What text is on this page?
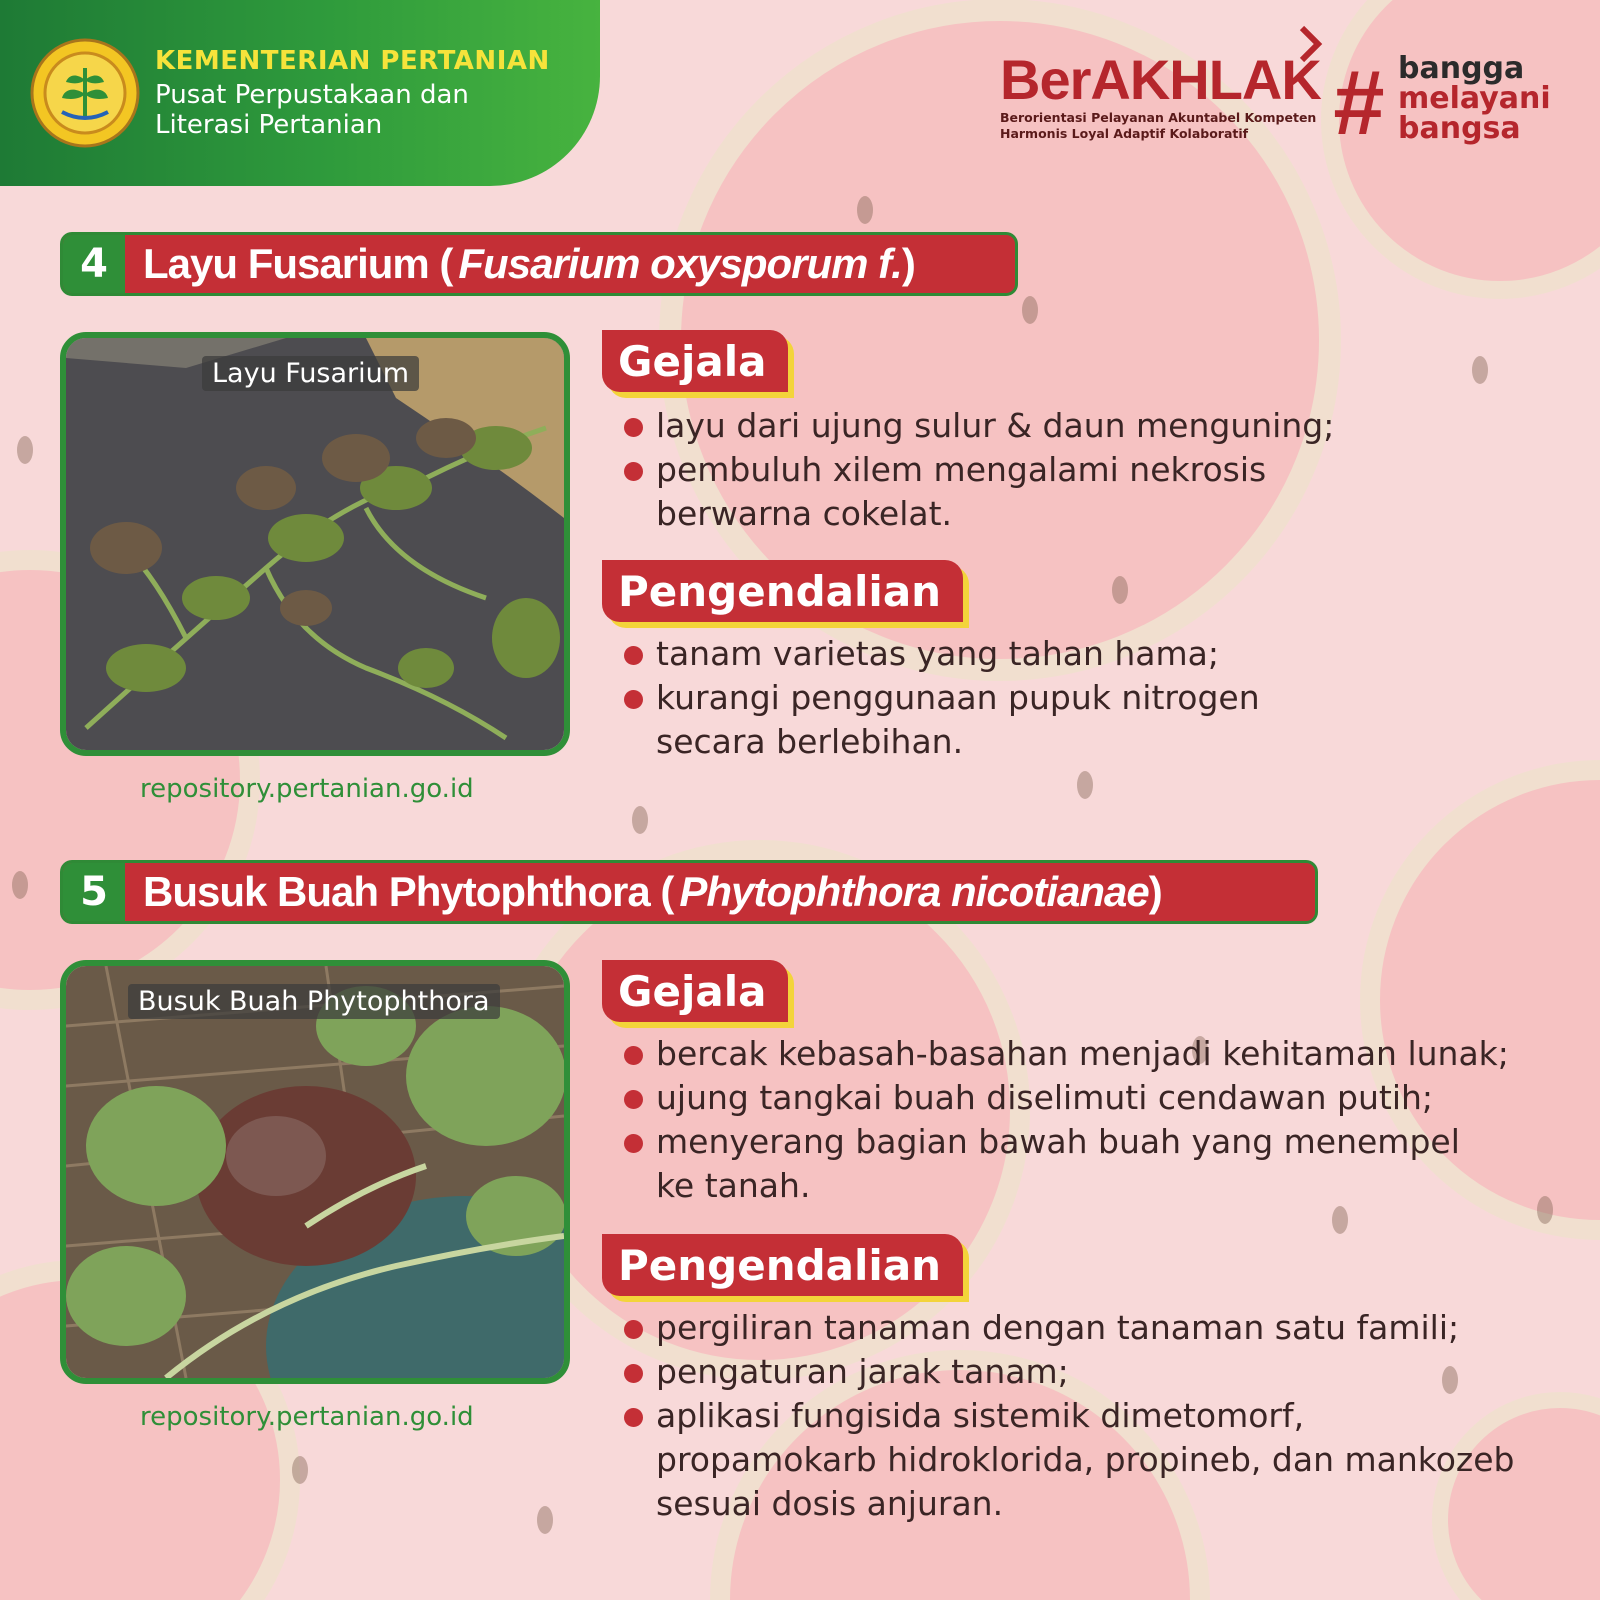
KEMENTERIAN PERTANIAN
Pusat Perpustakaan dan
Literasi Pertanian
BerAKHLAK
Berorientasi Pelayanan Akuntabel Kompeten
Harmonis Loyal Adaptif Kolaboratif # bangga
melayani
bangsa
4 Layu Fusarium ( Fusarium oxysporum f. )
Layu Fusarium
repository.pertanian.go.id
Gejala
layu dari ujung sulur & daun menguning;
pembuluh xilem mengalami nekrosis
berwarna cokelat.
Pengendalian
tanam varietas yang tahan hama;
kurangi penggunaan pupuk nitrogen
secara berlebihan.
5 Busuk Buah Phytophthora ( Phytophthora nicotianae )
Busuk Buah Phytophthora
repository.pertanian.go.id
Gejala
bercak kebasah-basahan menjadi kehitaman lunak;
ujung tangkai buah diselimuti cendawan putih;
menyerang bagian bawah buah yang menempel
ke tanah.
Pengendalian
pergiliran tanaman dengan tanaman satu famili;
pengaturan jarak tanam;
aplikasi fungisida sistemik dimetomorf,
propamokarb hidroklorida, propineb, dan mankozeb
sesuai dosis anjuran.
